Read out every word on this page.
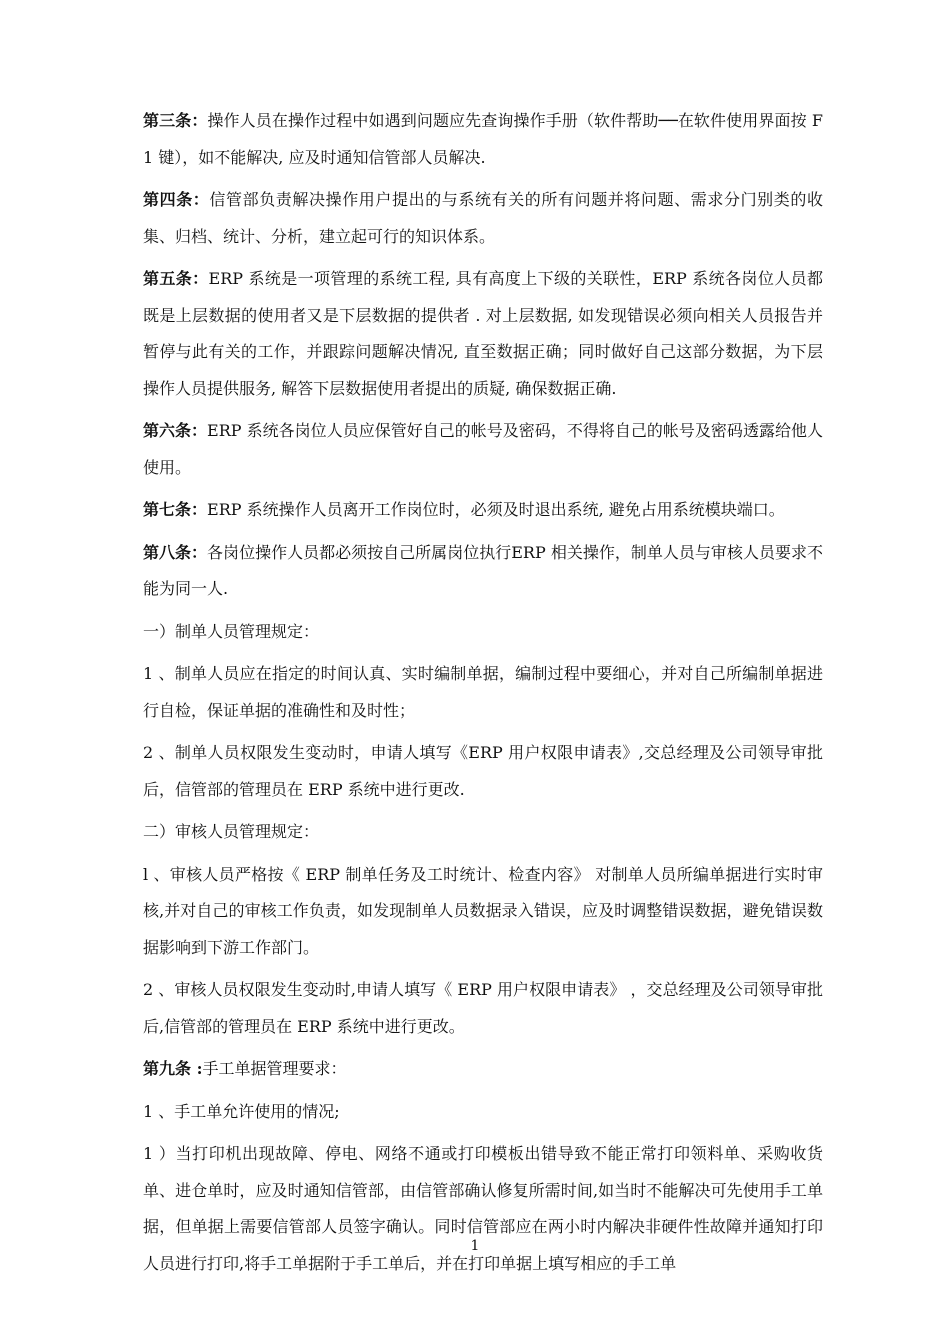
第三条：操作人员在操作过程中如遇到问题应先查询操作手册（软件帮助──在软件使用界面按 F1 键），如不能解决, 应及时通知信管部人员解决.

第四条：信管部负责解决操作用户提出的与系统有关的所有问题并将问题、需求分门别类的收集、归档、统计、分析，建立起可行的知识体系。

第五条：ERP 系统是一项管理的系统工程, 具有高度上下级的关联性，ERP 系统各岗位人员都既是上层数据的使用者又是下层数据的提供者 . 对上层数据, 如发现错误必须向相关人员报告并暂停与此有关的工作，并跟踪问题解决情况, 直至数据正确；同时做好自己这部分数据，为下层操作人员提供服务, 解答下层数据使用者提出的质疑, 确保数据正确.

第六条：ERP 系统各岗位人员应保管好自己的帐号及密码，不得将自己的帐号及密码透露给他人使用。

第七条：ERP 系统操作人员离开工作岗位时，必须及时退出系统, 避免占用系统模块端口。

第八条：各岗位操作人员都必须按自己所属岗位执行ERP 相关操作，制单人员与审核人员要求不能为同一人.

一）制单人员管理规定：

1 、制单人员应在指定的时间认真、实时编制单据，编制过程中要细心，并对自己所编制单据进行自检，保证单据的准确性和及时性；

2 、制单人员权限发生变动时，申请人填写《ERP 用户权限申请表》,交总经理及公司领导审批后，信管部的管理员在 ERP 系统中进行更改.

二）审核人员管理规定：

l 、审核人员严格按《 ERP 制单任务及工时统计、检查内容》 对制单人员所编单据进行实时审核,并对自己的审核工作负责，如发现制单人员数据录入错误，应及时调整错误数据，避免错误数据影响到下游工作部门。

2 、审核人员权限发生变动时,申请人填写《 ERP 用户权限申请表》 ，交总经理及公司领导审批后,信管部的管理员在 ERP 系统中进行更改。

第九条 :手工单据管理要求：

1 、手工单允许使用的情况;

1 ）当打印机出现故障、停电、网络不通或打印模板出错导致不能正常打印领料单、采购收货单、进仓单时，应及时通知信管部，由信管部确认修复所需时间,如当时不能解决可先使用手工单据，但单据上需要信管部人员签字确认。同时信管部应在两小时内解决非硬件性故障并通知打印人员进行打印,将手工单据附于手工单后，并在打印单据上填写相应的手工单

1
